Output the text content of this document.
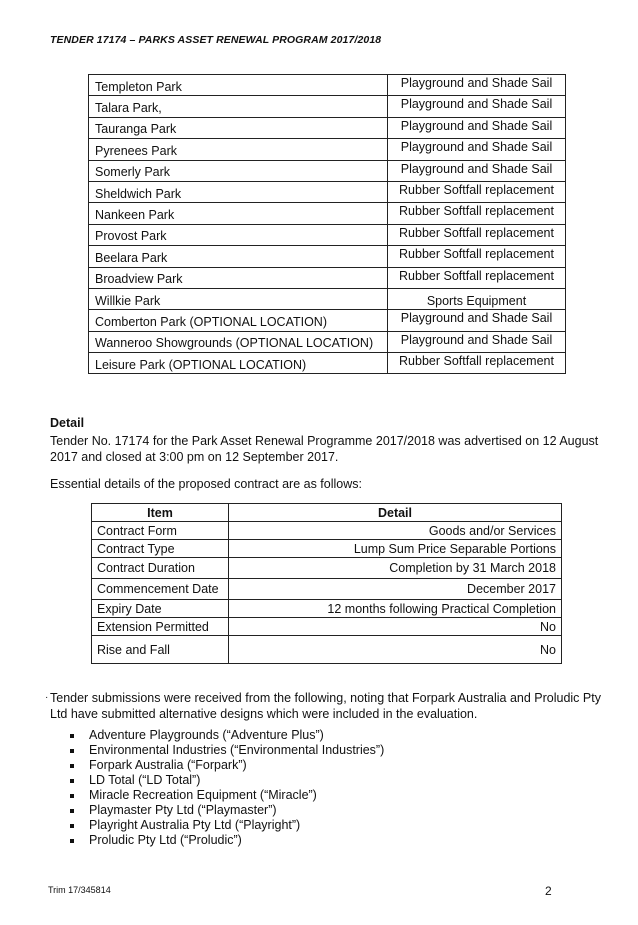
TENDER 17174 – PARKS ASSET RENEWAL PROGRAM 2017/2018
Templeton Park	Playground and Shade Sail
Talara Park,	Playground and Shade Sail
Tauranga Park	Playground and Shade Sail
Pyrenees Park	Playground and Shade Sail
Somerly Park	Playground and Shade Sail
Sheldwich Park	Rubber Softfall replacement
Nankeen Park	Rubber Softfall replacement
Provost Park	Rubber Softfall replacement
Beelara Park	Rubber Softfall replacement
Broadview Park	Rubber Softfall replacement
Willkie Park	Sports Equipment
Comberton Park (OPTIONAL LOCATION)	Playground and Shade Sail
Wanneroo Showgrounds (OPTIONAL LOCATION)	Playground and Shade Sail
Leisure Park (OPTIONAL LOCATION)	Rubber Softfall replacement
Detail
Tender No. 17174 for the Park Asset Renewal Programme 2017/2018 was advertised on 12 August 2017 and closed at 3:00 pm on 12 September 2017.
Essential details of the proposed contract are as follows:
Item	Detail
Contract Form	Goods and/or Services
Contract Type	Lump Sum Price Separable Portions
Contract Duration	Completion by 31 March 2018
Commencement Date	December 2017
Expiry Date	12 months following Practical Completion
Extension Permitted	No
Rise and Fall	No
· Tender submissions were received from the following, noting that Forpark Australia and Proludic Pty Ltd have submitted alternative designs which were included in the evaluation.
Adventure Playgrounds (“Adventure Plus”)
Environmental Industries (“Environmental Industries”)
Forpark Australia (“Forpark”)
LD Total (“LD Total”)
Miracle Recreation Equipment (“Miracle”)
Playmaster Pty Ltd (“Playmaster”)
Playright Australia Pty Ltd (“Playright”)
Proludic Pty Ltd (“Proludic”)
Trim 17/345814	2
